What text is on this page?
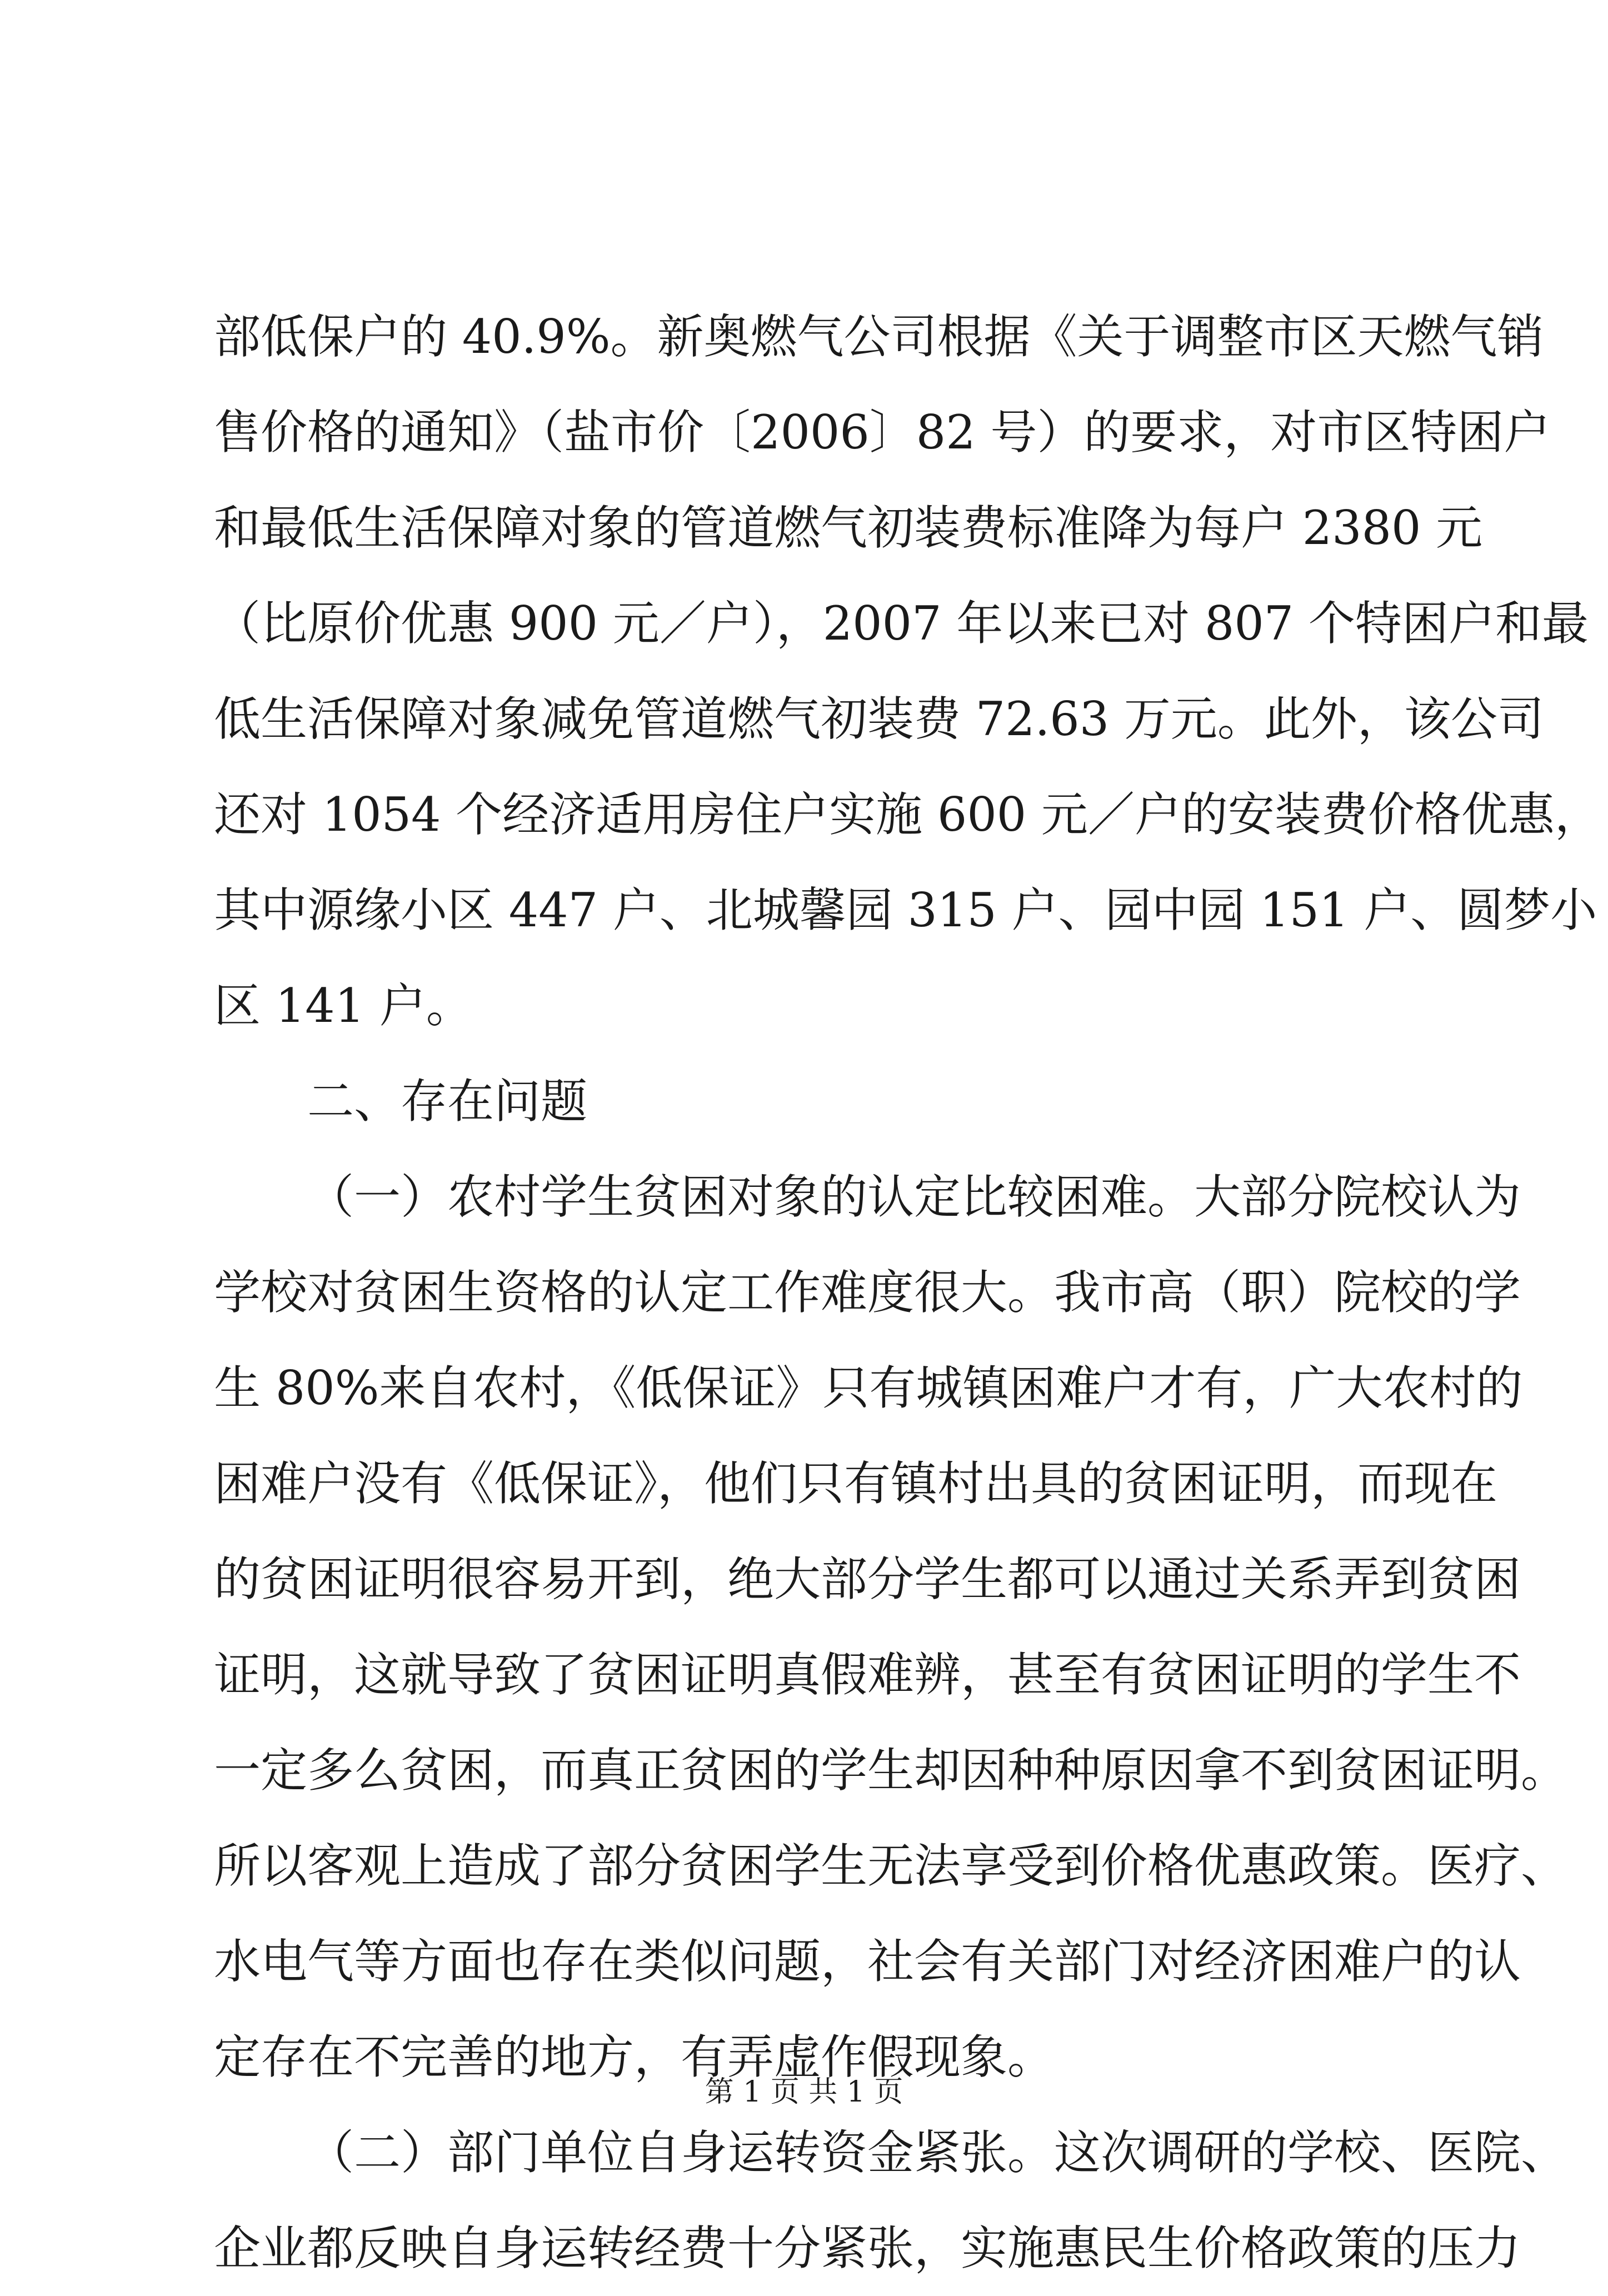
部低保户的 40.9%。新奥燃气公司根据《关于调整市区天燃气销
售价格的通知》（盐市价〔2006〕82 号）的要求，对市区特困户
和最低生活保障对象的管道燃气初装费标准降为每户 2380 元
（比原价优惠 900 元／户），2007 年以来已对 807 个特困户和最
低生活保障对象减免管道燃气初装费 72.63 万元。此外，该公司
还对 1054 个经济适用房住户实施 600 元／户的安装费价格优惠，
其中源缘小区 447 户、北城馨园 315 户、园中园 151 户、圆梦小
区 141 户。
二、存在问题
（一）农村学生贫困对象的认定比较困难。大部分院校认为
学校对贫困生资格的认定工作难度很大。我市高（职）院校的学
生 80%来自农村，《低保证》只有城镇困难户才有，广大农村的
困难户没有《低保证》，他们只有镇村出具的贫困证明，而现在
的贫困证明很容易开到，绝大部分学生都可以通过关系弄到贫困
证明，这就导致了贫困证明真假难辨，甚至有贫困证明的学生不
一定多么贫困，而真正贫困的学生却因种种原因拿不到贫困证明。
所以客观上造成了部分贫困学生无法享受到价格优惠政策。医疗、
水电气等方面也存在类似问题，社会有关部门对经济困难户的认
定存在不完善的地方，有弄虚作假现象。
（二）部门单位自身运转资金紧张。这次调研的学校、医院、
企业都反映自身运转经费十分紧张，实施惠民生价格政策的压力
第 1 页 共 1 页
